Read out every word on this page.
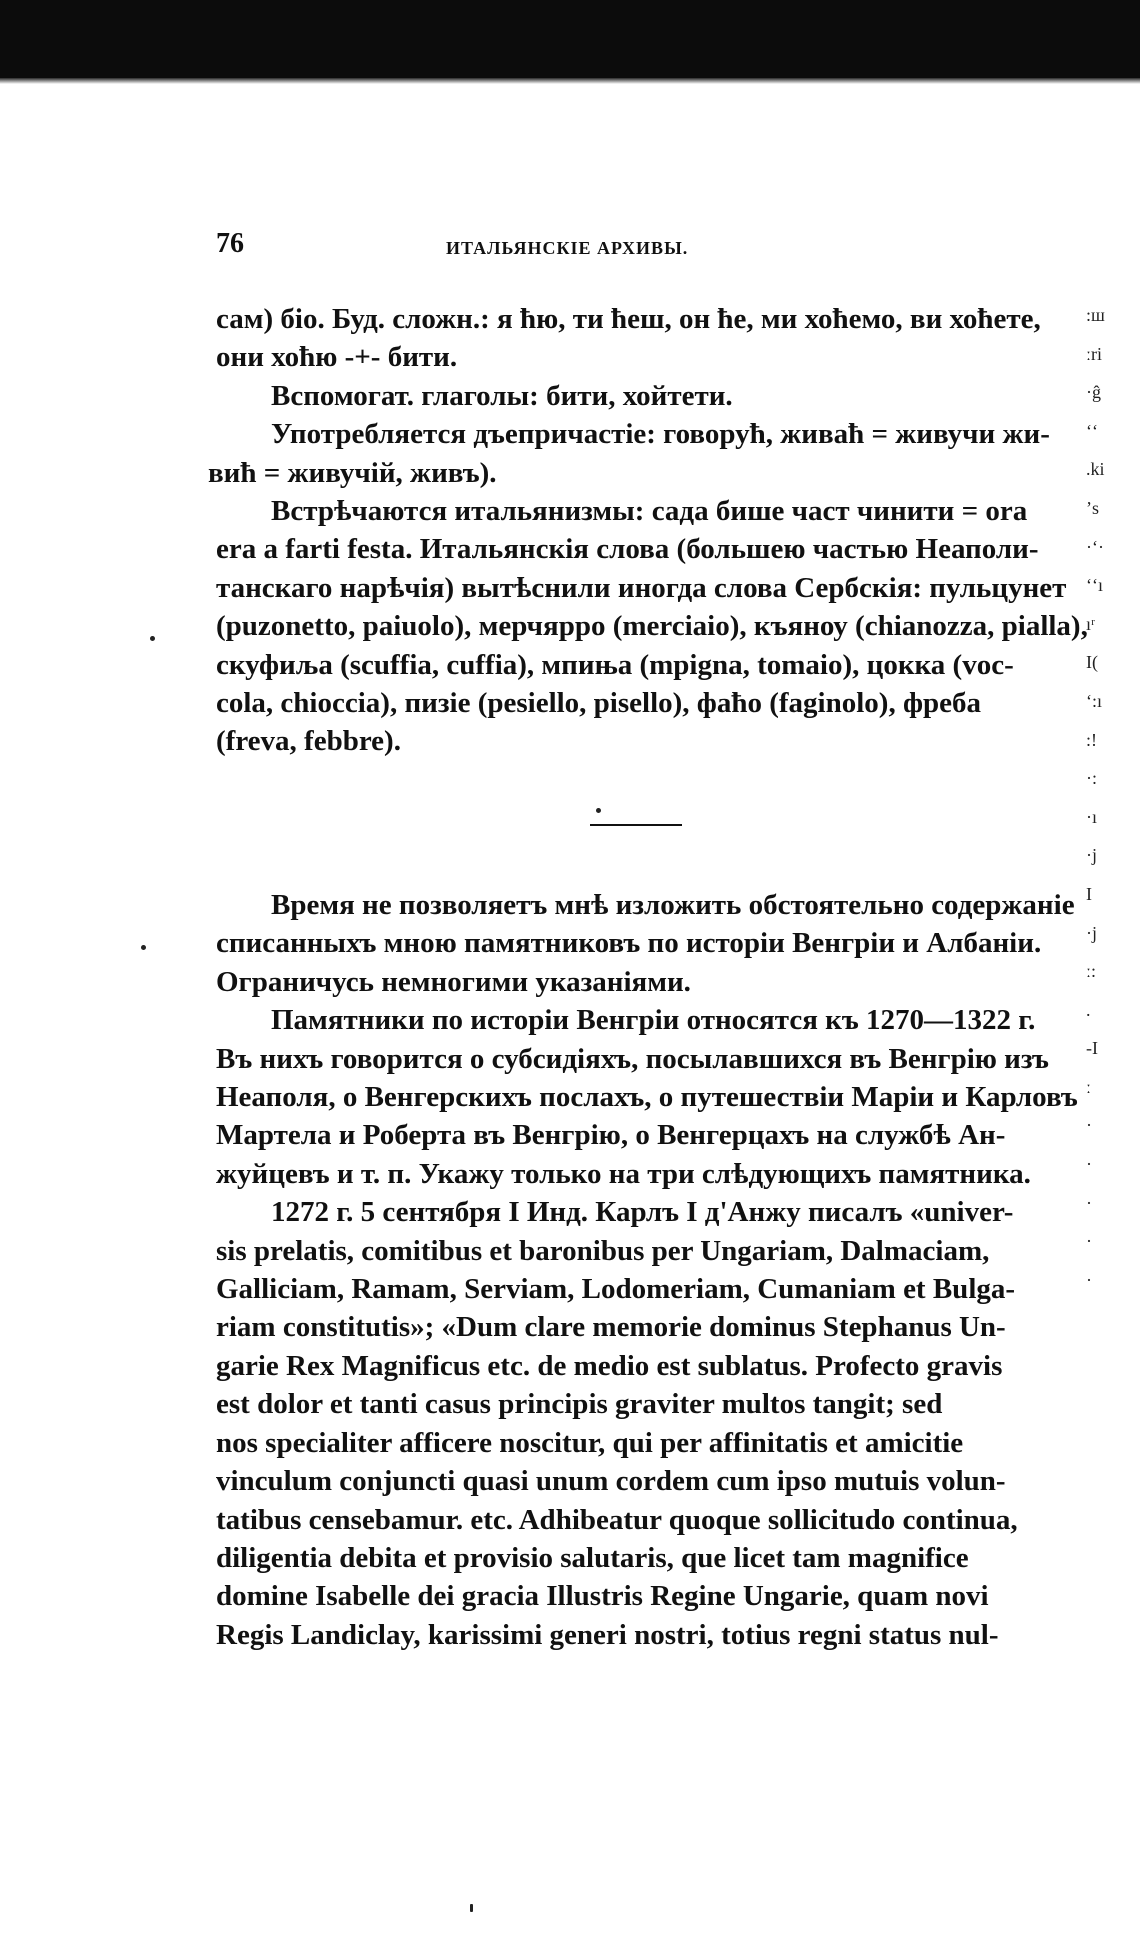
76	ИТАЛЬЯНСКІЕ АРХИВЫ.
сам) біо. Буд. сложн.: я ћю, ти ћеш, он ће, ми хоћемо, ви хоћете,
они хоћю -+- бити.
Вспомогат. глаголы: бити, хойтети.
Употребляется дъепричастіе: говорућ, живаћ = живучи жи-
виħ = живучій, живъ).
Встрѣчаются итальянизмы: сада бише част чинити = ora
era a farti festa. Итальянскія слова (большею частью Неаполи-
танскаго нарѣчія) вытѣснили иногда слова Сербскія: пульцунет
(puzonetto, paiuolo), мерчярро (merciaio), къяноу (chianozza, pialla),
скуфиља (scuffia, cuffia), мпиња (mpigna, tomaio), цокка (voc-
cola, chioccia), пизіе (pesiello, pisello), фаħо (faginolo), фреба
(freva, febbre).
Время не позволяетъ мнѣ изложить обстоятельно содержаніе
списанныхъ мною памятниковъ по исторіи Венгріи и Албаніи.
Ограничусь немногими указаніями.
Памятники по исторіи Венгріи относятся къ 1270—1322 г.
Въ нихъ говорится о субсидіяхъ, посылавшихся въ Венгрію изъ
Неаполя, о Венгерскихъ послахъ, о путешествіи Маріи и Карловъ
Мартела и Роберта въ Венгрію, о Венгерцахъ на службѣ Ан-
жуйцевъ и т. п. Укажу только на три слѣдующихъ памятника.
1272 г. 5 сентября I Инд. Карлъ I д'Анжу писалъ «univer-
sis prelatis, comitibus et baronibus per Ungariam, Dalmaciam,
Galliciam, Ramam, Serviam, Lodomeriam, Cumaniam et Bulga-
riam constitutis»; «Dum clare memorie dominus Stephanus Un-
garie Rex Magnificus etc. de medio est sublatus. Profecto gravis
est dolor et tanti casus principis graviter multos tangit; sed
nos specialiter afficere noscitur, qui per affinitatis et amicitie
vinculum conjuncti quasi unum cordem cum ipso mutuis volun-
tatibus censebamur. etc. Adhibeatur quoque sollicitudo continua,
diligentia debita et provisio salutaris, que licet tam magnifice
domine Isabelle dei gracia Illustris Regine Ungarie, quam novi
Regis Landiclay, karissimi generi nostri, totius regni status nul-
:ш
ːri
·ĝ
ʻʻ
.ki
ʼs
·ʻ·
ʻʻı
ıʳ
I(
ʻ:ı
:!
·:
·ı
·j
I
·j
ː:
.
-I
ː
·
·
·
·
·
